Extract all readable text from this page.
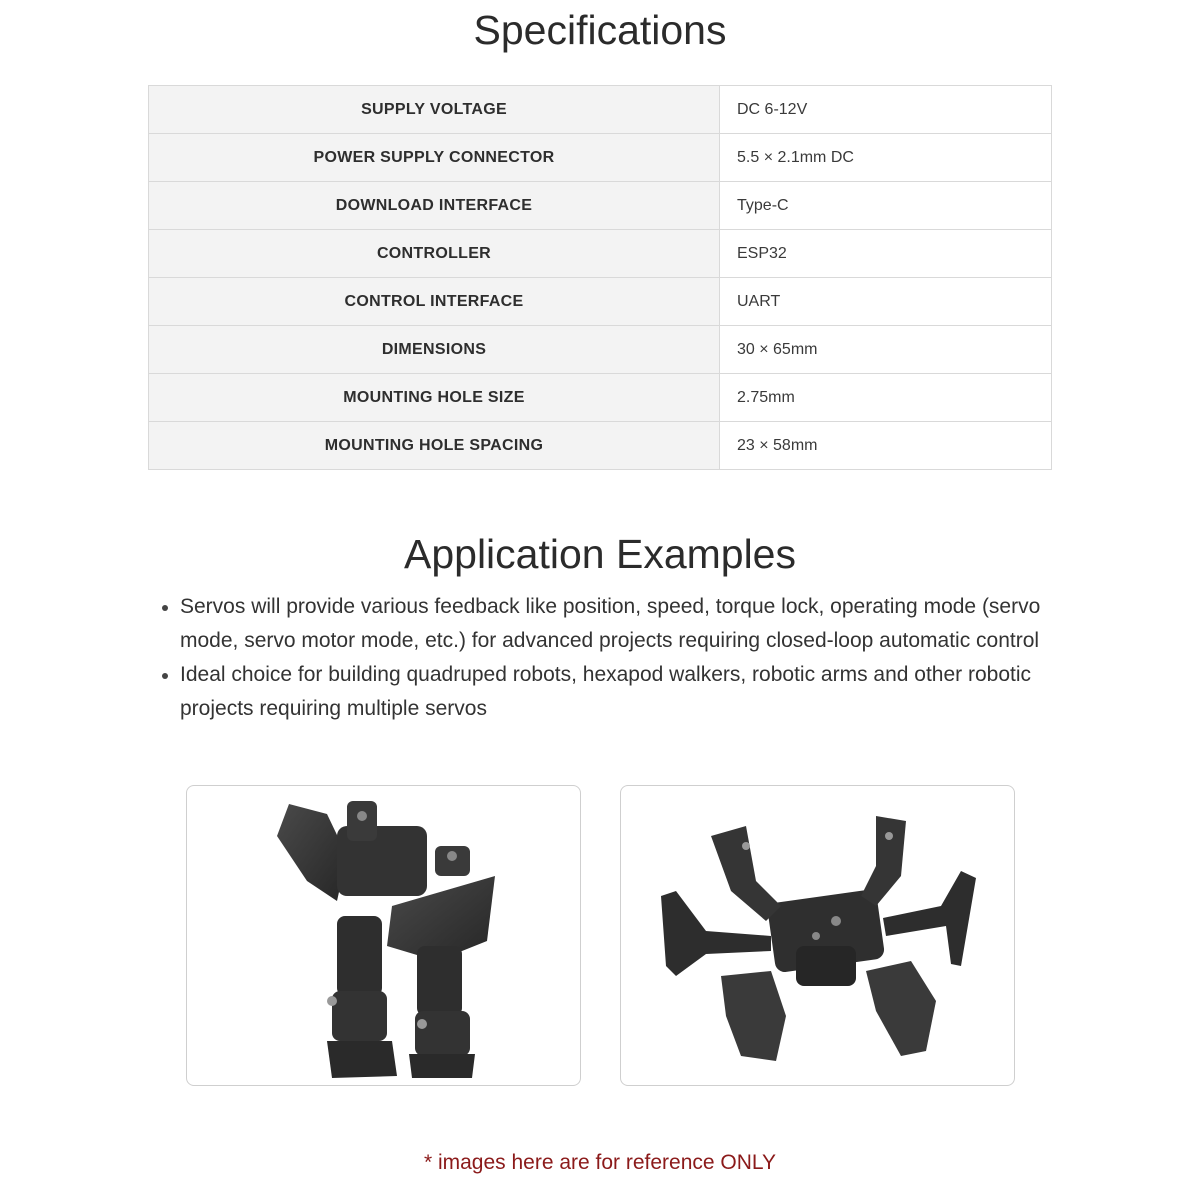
Specifications
SUPPLY VOLTAGE	DC 6-12V
POWER SUPPLY CONNECTOR	5.5 × 2.1mm DC
DOWNLOAD INTERFACE	Type-C
CONTROLLER	ESP32
CONTROL INTERFACE	UART
DIMENSIONS	30 × 65mm
MOUNTING HOLE SIZE	2.75mm
MOUNTING HOLE SPACING	23 × 58mm
Application Examples
Servos will provide various feedback like position, speed, torque lock, operating mode (servo mode, servo motor mode, etc.) for advanced projects requiring closed-loop automatic control
Ideal choice for building quadruped robots, hexapod walkers, robotic arms and other robotic projects requiring multiple servos
* images here are for reference ONLY
